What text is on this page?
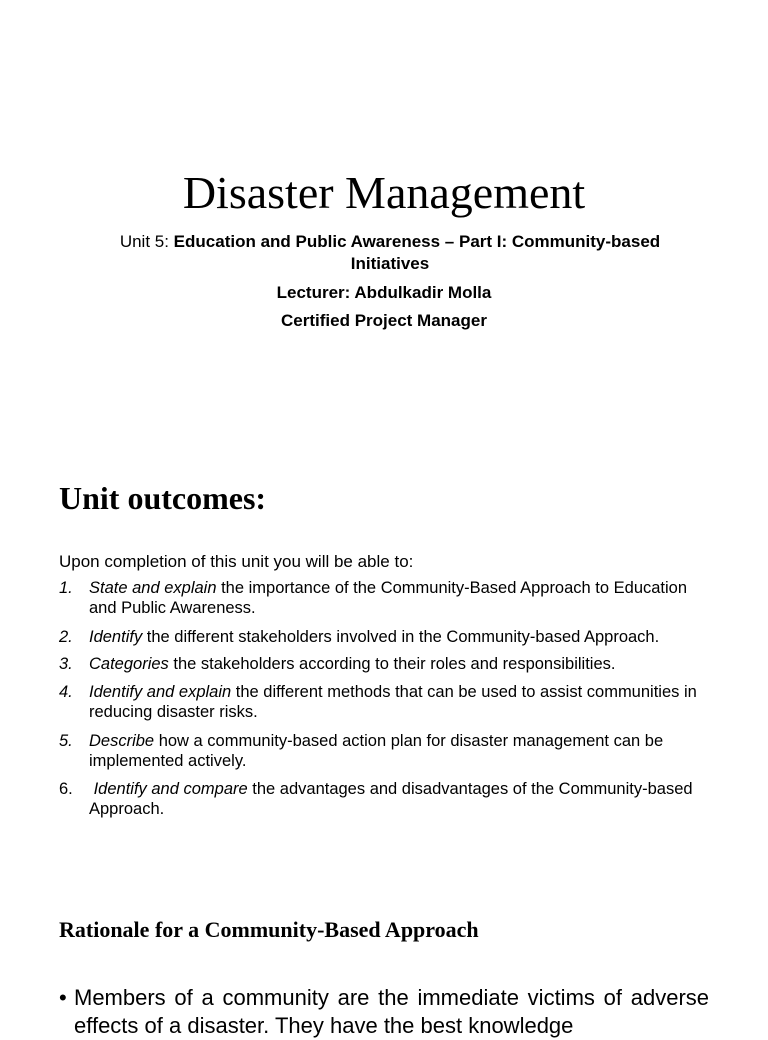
Disaster Management
Unit 5: Education and Public Awareness – Part I: Community-based Initiatives
Lecturer: Abdulkadir Molla
Certified Project Manager
Unit outcomes:
Upon completion of this unit you will be able to:
1. State and explain the importance of the Community-Based Approach to Education and Public Awareness.
2. Identify the different stakeholders involved in the Community-based Approach.
3. Categories the stakeholders according to their roles and responsibilities.
4. Identify and explain the different methods that can be used to assist communities in reducing disaster risks.
5. Describe how a community-based action plan for disaster management can be implemented actively.
6. Identify and compare the advantages and disadvantages of the Community-based Approach.
Rationale for a Community-Based Approach
• Members of a community are the immediate victims of adverse effects of a disaster. They have the best knowledge
